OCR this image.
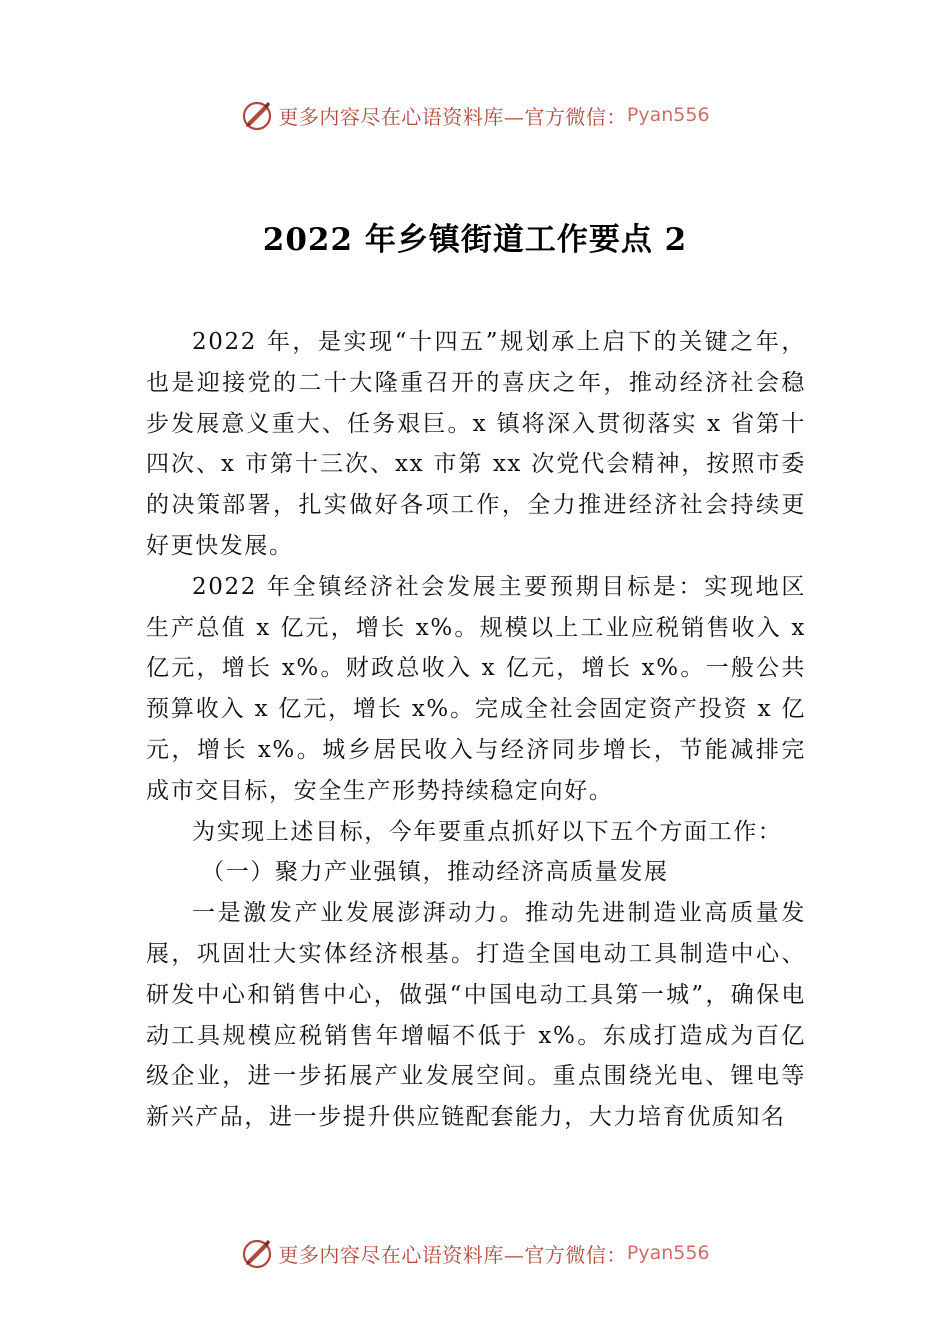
更多内容尽在心语资料库—官方微信： Pyan556
2022 年乡镇街道工作要点 2

2022 年，是实现“十四五”规划承上启下的关键之年，也是迎接党的二十大隆重召开的喜庆之年，推动经济社会稳步发展意义重大、任务艰巨。x 镇将深入贯彻落实 x 省第十四次、x 市第十三次、xx 市第 xx 次党代会精神，按照市委的决策部署，扎实做好各项工作，全力推进经济社会持续更好更快发展。

2022 年全镇经济社会发展主要预期目标是：实现地区生产总值 x 亿元，增长 x%。规模以上工业应税销售收入 x 亿元，增长 x%。财政总收入 x 亿元，增长 x%。一般公共预算收入 x 亿元，增长 x%。完成全社会固定资产投资 x 亿元，增长 x%。城乡居民收入与经济同步增长，节能减排完成市交目标，安全生产形势持续稳定向好。

为实现上述目标，今年要重点抓好以下五个方面工作：

（一）聚力产业强镇，推动经济高质量发展

一是激发产业发展澎湃动力。推动先进制造业高质量发展，巩固壮大实体经济根基。打造全国电动工具制造中心、研发中心和销售中心，做强“中国电动工具第一城”，确保电动工具规模应税销售年增幅不低于 x%。东成打造成为百亿级企业，进一步拓展产业发展空间。重点围绕光电、锂电等新兴产品，进一步提升供应链配套能力，大力培育优质知名

更多内容尽在心语资料库—官方微信： Pyan556
